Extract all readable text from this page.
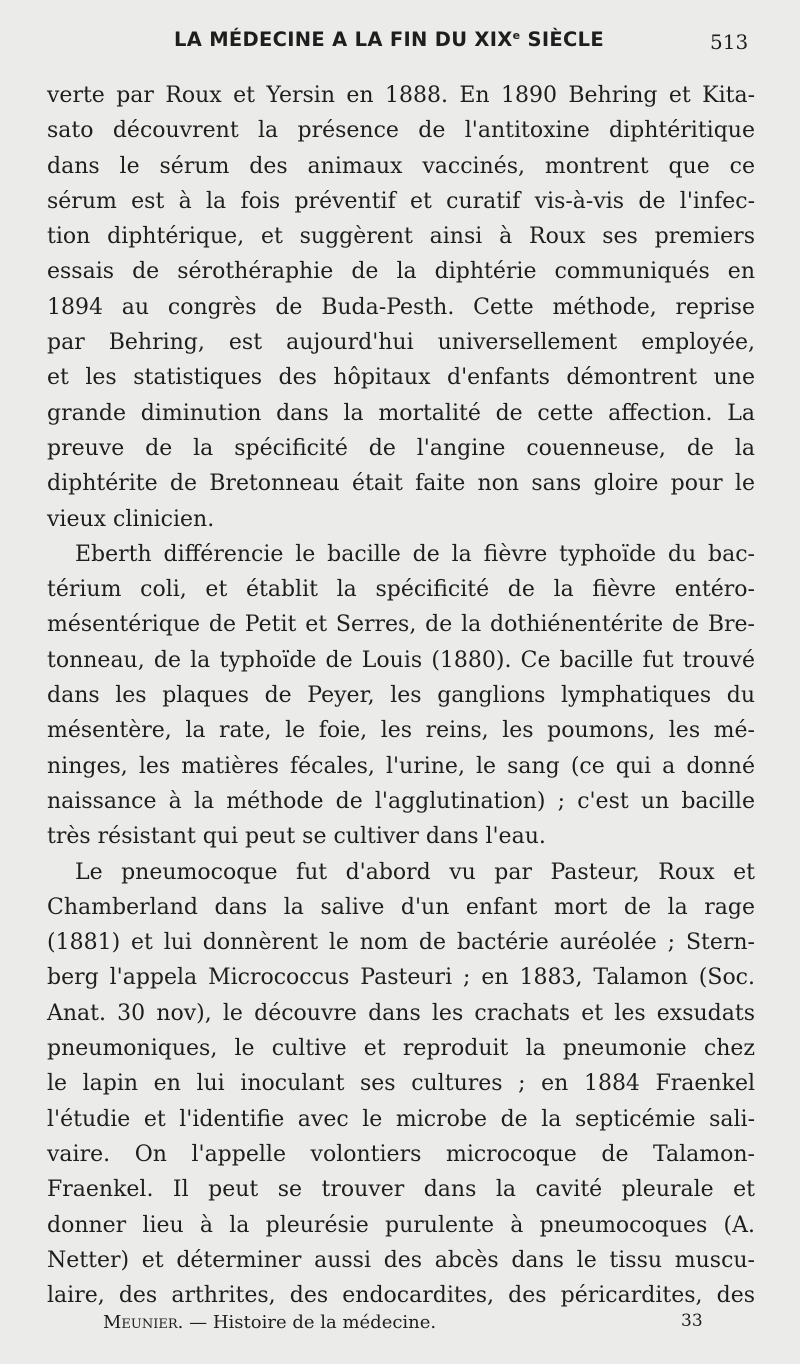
LA MÉDECINE A LA FIN DU XIXe SIÈCLE	513
verte par Roux et Yersin en 1888. En 1890 Behring et Kita-
sato découvrent la présence de l'antitoxine diphtéritique
dans le sérum des animaux vaccinés, montrent que ce
sérum est à la fois préventif et curatif vis-à-vis de l'infec-
tion diphtérique, et suggèrent ainsi à Roux ses premiers
essais de sérothéraphie de la diphtérie communiqués en
1894 au congrès de Buda-Pesth. Cette méthode, reprise
par Behring, est aujourd'hui universellement employée,
et les statistiques des hôpitaux d'enfants démontrent une
grande diminution dans la mortalité de cette affection. La
preuve de la spécificité de l'angine couenneuse, de la
diphtérite de Bretonneau était faite non sans gloire pour le
vieux clinicien.
Eberth différencie le bacille de la fièvre typhoïde du bac-
térium coli, et établit la spécificité de la fièvre entéro-
mésentérique de Petit et Serres, de la dothiénentérite de Bre-
tonneau, de la typhoïde de Louis (1880). Ce bacille fut trouvé
dans les plaques de Peyer, les ganglions lymphatiques du
mésentère, la rate, le foie, les reins, les poumons, les mé-
ninges, les matières fécales, l'urine, le sang (ce qui a donné
naissance à la méthode de l'agglutination) ; c'est un bacille
très résistant qui peut se cultiver dans l'eau.
Le pneumocoque fut d'abord vu par Pasteur, Roux et
Chamberland dans la salive d'un enfant mort de la rage
(1881) et lui donnèrent le nom de bactérie auréolée ; Stern-
berg l'appela Micrococcus Pasteuri ; en 1883, Talamon (Soc.
Anat. 30 nov), le découvre dans les crachats et les exsudats
pneumoniques, le cultive et reproduit la pneumonie chez
le lapin en lui inoculant ses cultures ; en 1884 Fraenkel
l'étudie et l'identifie avec le microbe de la septicémie sali-
vaire. On l'appelle volontiers microcoque de Talamon-
Fraenkel. Il peut se trouver dans la cavité pleurale et
donner lieu à la pleurésie purulente à pneumocoques (A.
Netter) et déterminer aussi des abcès dans le tissu muscu-
laire, des arthrites, des endocardites, des péricardites, des
Meunier. — Histoire de la médecine.	33
